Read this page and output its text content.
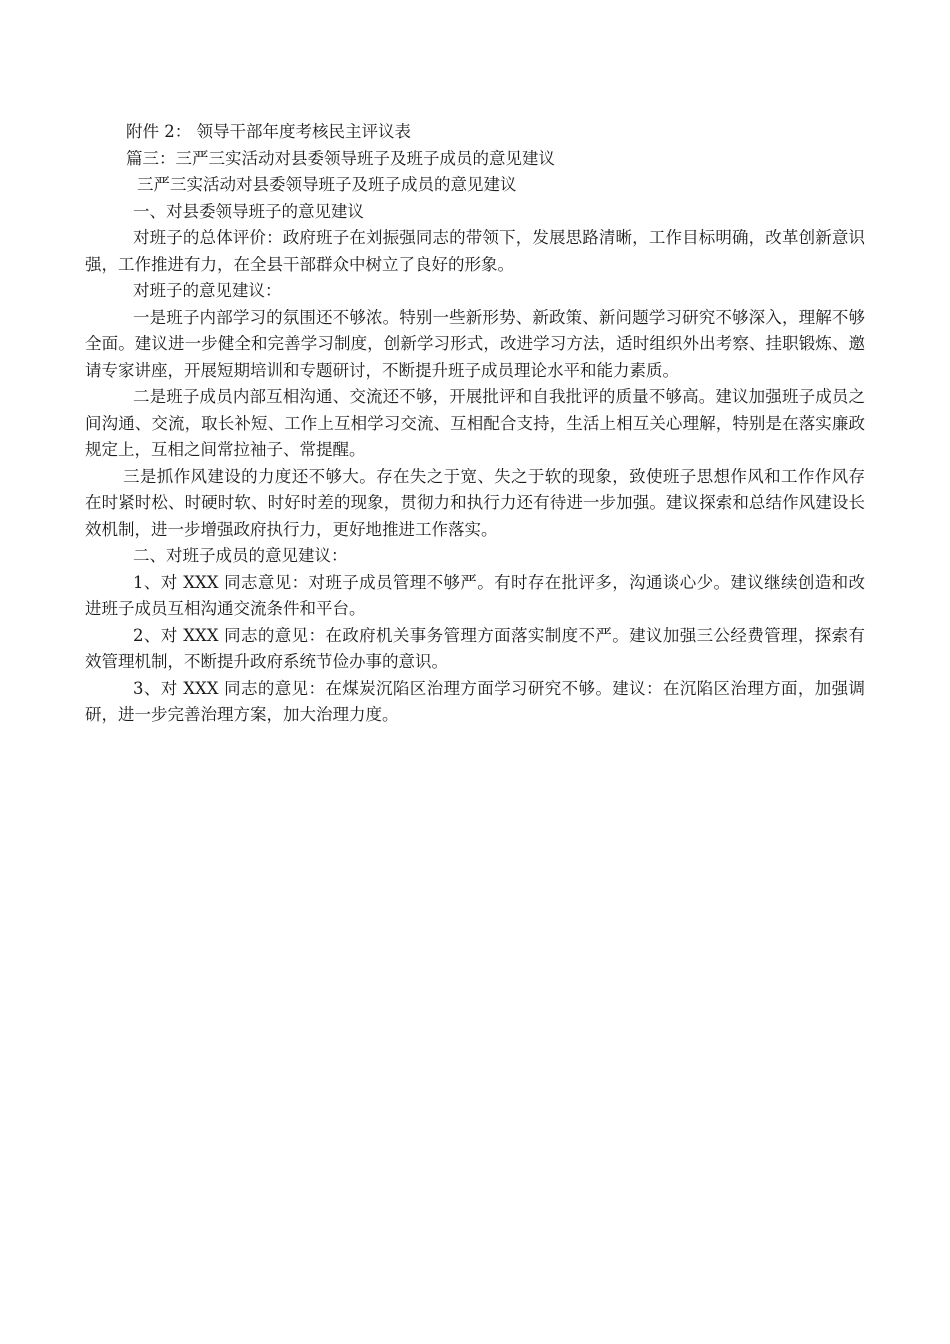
附件 2： 领导干部年度考核民主评议表

篇三：三严三实活动对县委领导班子及班子成员的意见建议

三严三实活动对县委领导班子及班子成员的意见建议

一、对县委领导班子的意见建议

对班子的总体评价：政府班子在刘振强同志的带领下，发展思路清晰，工作目标明确，改革创新意识强，工作推进有力，在全县干部群众中树立了良好的形象。

对班子的意见建议：

一是班子内部学习的氛围还不够浓。特别一些新形势、新政策、新问题学习研究不够深入，理解不够全面。建议进一步健全和完善学习制度，创新学习形式，改进学习方法，适时组织外出考察、挂职锻炼、邀请专家讲座，开展短期培训和专题研讨，不断提升班子成员理论水平和能力素质。

二是班子成员内部互相沟通、交流还不够，开展批评和自我批评的质量不够高。建议加强班子成员之间沟通、交流，取长补短、工作上互相学习交流、互相配合支持，生活上相互关心理解，特别是在落实廉政规定上，互相之间常拉袖子、常提醒。

三是抓作风建设的力度还不够大。存在失之于宽、失之于软的现象，致使班子思想作风和工作作风存在时紧时松、时硬时软、时好时差的现象，贯彻力和执行力还有待进一步加强。建议探索和总结作风建设长效机制，进一步增强政府执行力，更好地推进工作落实。

二、对班子成员的意见建议：

1、对 XXX 同志意见：对班子成员管理不够严。有时存在批评多，沟通谈心少。建议继续创造和改进班子成员互相沟通交流条件和平台。

2、对 XXX 同志的意见：在政府机关事务管理方面落实制度不严。建议加强三公经费管理，探索有效管理机制，不断提升政府系统节俭办事的意识。

3、对 XXX 同志的意见：在煤炭沉陷区治理方面学习研究不够。建议：在沉陷区治理方面，加强调研，进一步完善治理方案，加大治理力度。
